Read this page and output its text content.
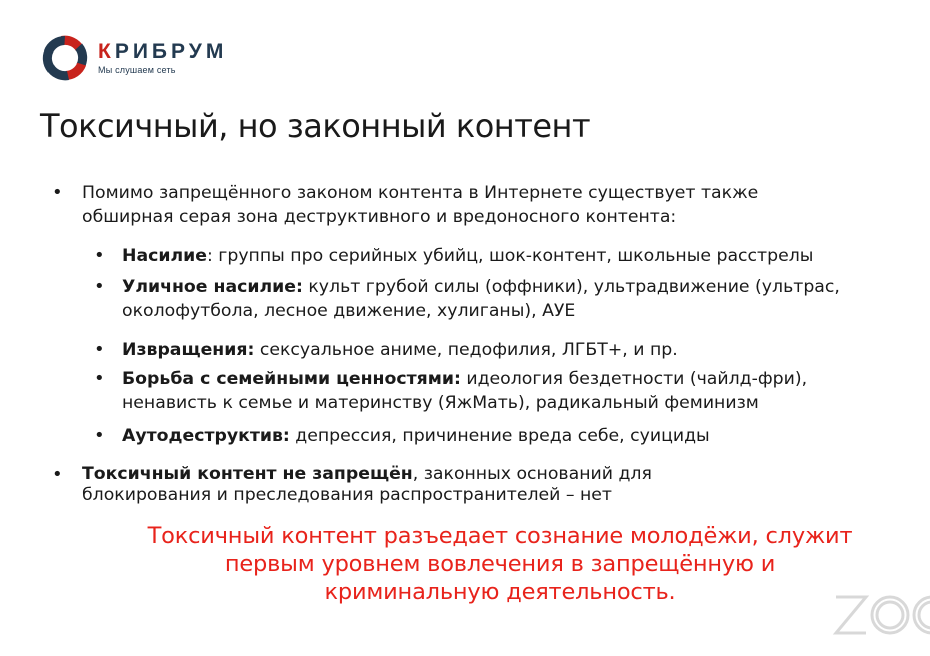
КРИБРУМ
Мы слушаем сеть
Токсичный, но законный контент
• Помимо запрещённого законом контента в Интернете существует также
обширная серая зона деструктивного и вредоносного контента:
• Насилие: группы про серийных убийц, шок-контент, школьные расстрелы
• Уличное насилие: культ грубой силы (оффники), ультрадвижение (ультрас,
околофутбола, лесное движение, хулиганы), АУЕ
• Извращения: сексуальное аниме, педофилия, ЛГБТ+, и пр.
• Борьба с семейными ценностями: идеология бездетности (чайлд-фри),
ненависть к семье и материнству (ЯжМать), радикальный феминизм
• Аутодеструктив: депрессия, причинение вреда себе, суициды
• Токсичный контент не запрещён, законных оснований для
блокирования и преследования распространителей – нет

Токсичный контент разъедает сознание молодёжи, служит
первым уровнем вовлечения в запрещённую и
криминальную деятельность.
